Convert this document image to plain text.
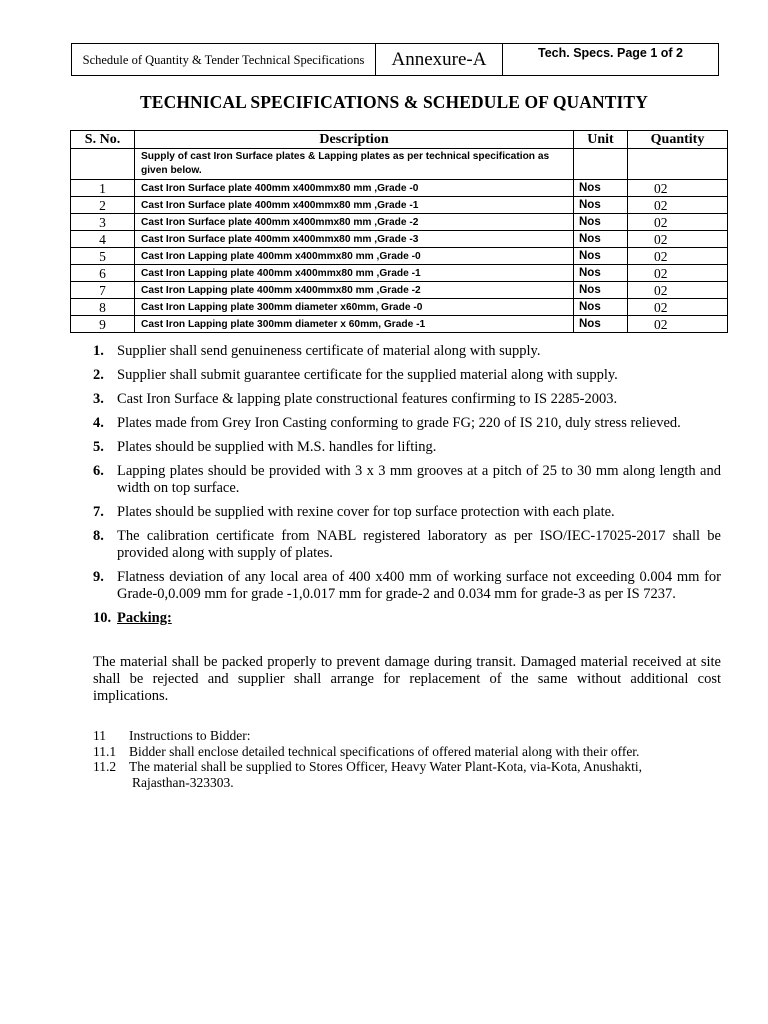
Schedule of Quantity & Tender Technical Specifications	Annexure-A	Tech. Specs. Page 1 of 2
TECHNICAL SPECIFICATIONS & SCHEDULE OF QUANTITY
S. No.	Description	Unit	Quantity
	Supply of cast Iron Surface plates & Lapping plates as per technical specification as given below.		
1	Cast Iron Surface plate 400mm x400mmx80 mm ,Grade -0	Nos	02
2	Cast Iron Surface plate 400mm x400mmx80 mm ,Grade -1	Nos	02
3	Cast Iron Surface plate 400mm x400mmx80 mm ,Grade -2	Nos	02
4	Cast Iron Surface plate 400mm x400mmx80 mm ,Grade -3	Nos	02
5	Cast Iron Lapping plate 400mm x400mmx80 mm ,Grade -0	Nos	02
6	Cast Iron Lapping plate 400mm x400mmx80 mm ,Grade -1	Nos	02
7	Cast Iron Lapping plate 400mm x400mmx80 mm ,Grade -2	Nos	02
8	Cast Iron Lapping plate 300mm diameter x60mm, Grade -0	Nos	02
9	Cast Iron Lapping plate 300mm diameter x 60mm, Grade -1	Nos	02
1. Supplier shall send genuineness certificate of material along with supply.
2. Supplier shall submit guarantee certificate for the supplied material along with supply.
3. Cast Iron Surface & lapping plate constructional features confirming to IS 2285-2003.
4. Plates made from Grey Iron Casting conforming to grade FG; 220 of IS 210, duly stress relieved.
5. Plates should be supplied with M.S. handles for lifting.
6. Lapping plates should be provided with 3 x 3 mm grooves at a pitch of 25 to 30 mm along length and width on top surface.
7. Plates should be supplied with rexine cover for top surface protection with each plate.
8. The calibration certificate from NABL registered laboratory as per ISO/IEC-17025-2017 shall be provided along with supply of plates.
9. Flatness deviation of any local area of 400 x400 mm of working surface not exceeding 0.004 mm for Grade-0,0.009 mm for grade -1,0.017 mm for grade-2 and 0.034 mm for grade-3 as per IS 7237.
10. Packing:

The material shall be packed properly to prevent damage during transit. Damaged material received at site shall be rejected and supplier shall arrange for replacement of the same without additional cost implications.

11	Instructions to Bidder:
11.1 Bidder shall enclose detailed technical specifications of offered material along with their offer.
11.2 The material shall be supplied to Stores Officer, Heavy Water Plant-Kota, via-Kota, Anushakti,
Rajasthan-323303.
